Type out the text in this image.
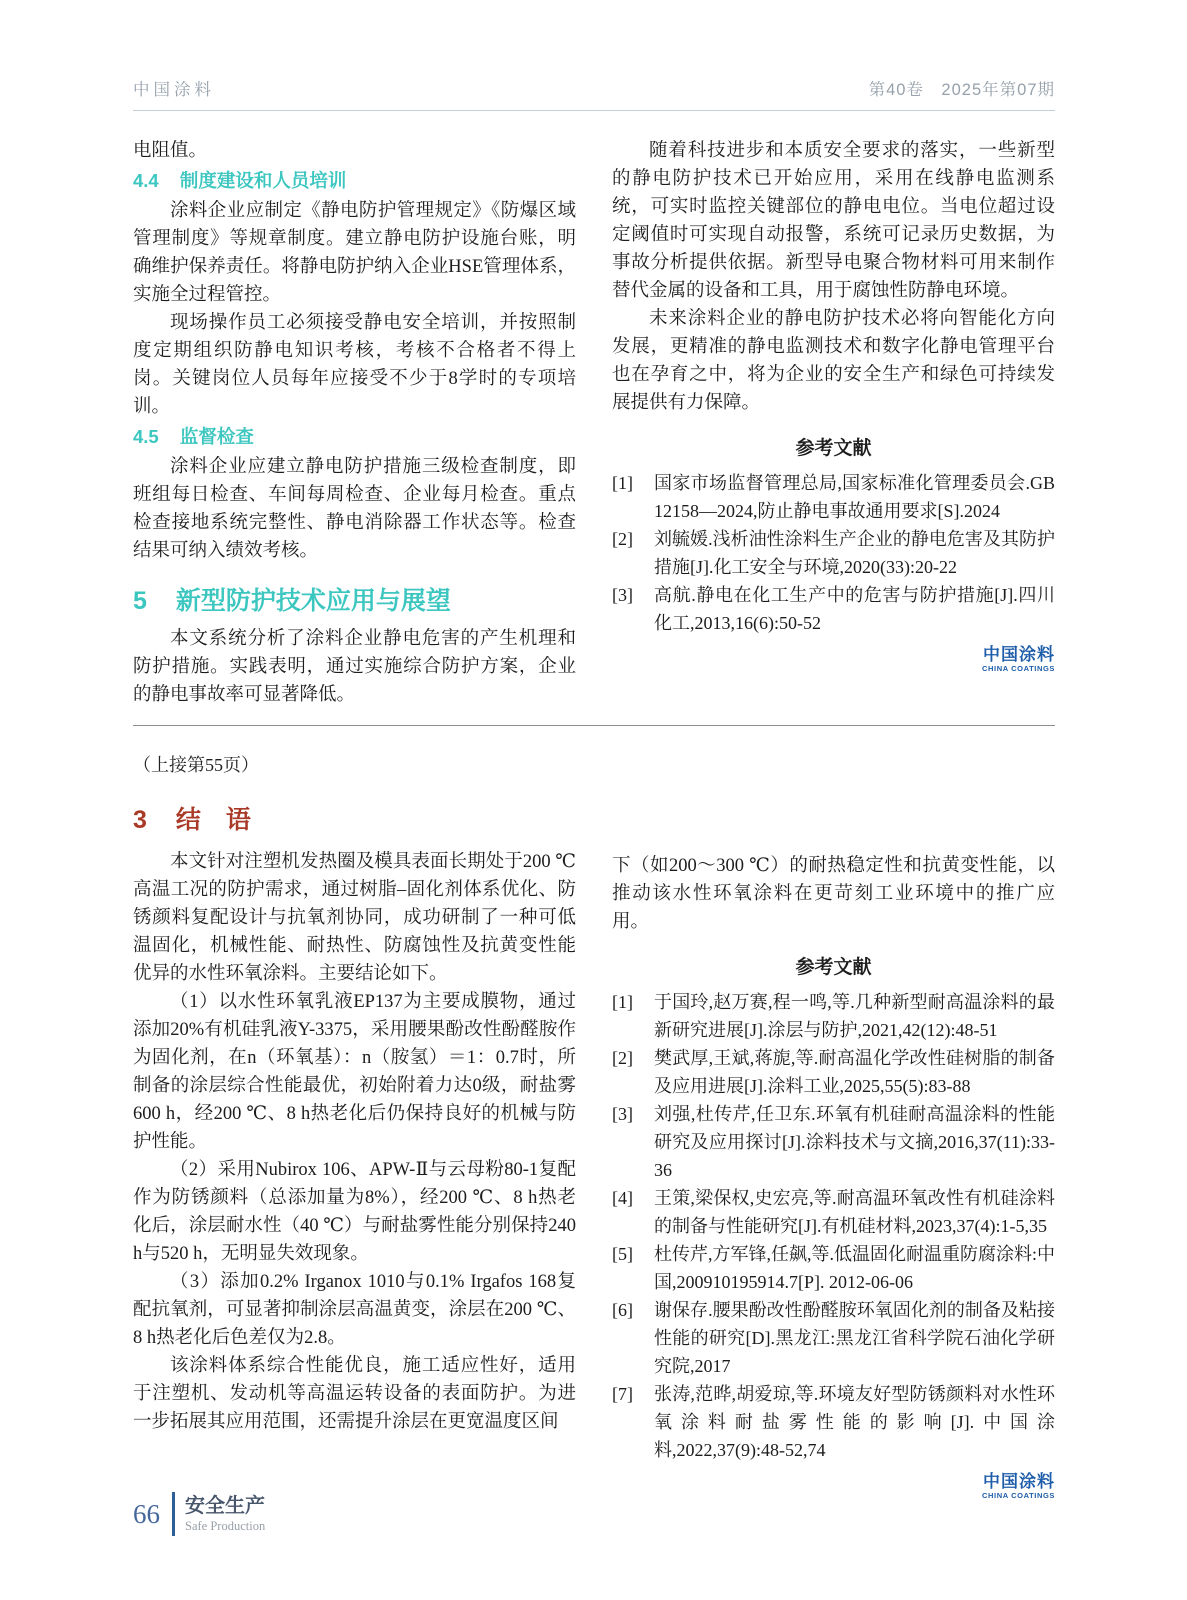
中国涂料	第40卷　2025年第07期

电阻值。

4.4 制度建设和人员培训

涂料企业应制定《静电防护管理规定》《防爆区域管理制度》等规章制度。建立静电防护设施台账，明确维护保养责任。将静电防护纳入企业HSE管理体系，实施全过程管控。

现场操作员工必须接受静电安全培训，并按照制度定期组织防静电知识考核，考核不合格者不得上岗。关键岗位人员每年应接受不少于8学时的专项培训。

4.5 监督检查

涂料企业应建立静电防护措施三级检查制度，即班组每日检查、车间每周检查、企业每月检查。重点检查接地系统完整性、静电消除器工作状态等。检查结果可纳入绩效考核。

5 新型防护技术应用与展望

本文系统分析了涂料企业静电危害的产生机理和防护措施。实践表明，通过实施综合防护方案，企业的静电事故率可显著降低。

随着科技进步和本质安全要求的落实，一些新型的静电防护技术已开始应用，采用在线静电监测系统，可实时监控关键部位的静电电位。当电位超过设定阈值时可实现自动报警，系统可记录历史数据，为事故分析提供依据。新型导电聚合物材料可用来制作替代金属的设备和工具，用于腐蚀性防静电环境。

未来涂料企业的静电防护技术必将向智能化方向发展，更精准的静电监测技术和数字化静电管理平台也在孕育之中，将为企业的安全生产和绿色可持续发展提供有力保障。

参考文献
[1]	国家市场监督管理总局,国家标准化管理委员会.GB 12158—2024,防止静电事故通用要求[S].2024
[2]	刘毓媛.浅析油性涂料生产企业的静电危害及其防护措施[J].化工安全与环境,2020(33):20-22
[3]	高航.静电在化工生产中的危害与防护措施[J].四川化工,2013,16(6):50-52
中国涂料
CHINA COATINGS

（上接第55页）

3 结　语

本文针对注塑机发热圈及模具表面长期处于200 ℃高温工况的防护需求，通过树脂–固化剂体系优化、防锈颜料复配设计与抗氧剂协同，成功研制了一种可低温固化，机械性能、耐热性、防腐蚀性及抗黄变性能优异的水性环氧涂料。主要结论如下。

（1）以水性环氧乳液EP137为主要成膜物，通过添加20%有机硅乳液Y-3375，采用腰果酚改性酚醛胺作为固化剂，在n（环氧基）：n（胺氢）＝1：0.7时，所制备的涂层综合性能最优，初始附着力达0级，耐盐雾600 h，经200 ℃、8 h热老化后仍保持良好的机械与防护性能。

（2）采用Nubirox 106、APW-Ⅱ与云母粉80-1复配作为防锈颜料（总添加量为8%），经200 ℃、8 h热老化后，涂层耐水性（40 ℃）与耐盐雾性能分别保持240 h与520 h，无明显失效现象。

（3）添加0.2% Irganox 1010与0.1% Irgafos 168复配抗氧剂，可显著抑制涂层高温黄变，涂层在200 ℃、8 h热老化后色差仅为2.8。

该涂料体系综合性能优良，施工适应性好，适用于注塑机、发动机等高温运转设备的表面防护。为进一步拓展其应用范围，还需提升涂层在更宽温度区间

下（如200～300 ℃）的耐热稳定性和抗黄变性能，以推动该水性环氧涂料在更苛刻工业环境中的推广应用。

参考文献
[1]	于国玲,赵万赛,程一鸣,等.几种新型耐高温涂料的最新研究进展[J].涂层与防护,2021,42(12):48-51
[2]	樊武厚,王斌,蒋旎,等.耐高温化学改性硅树脂的制备及应用进展[J].涂料工业,2025,55(5):83-88
[3]	刘强,杜传芹,任卫东.环氧有机硅耐高温涂料的性能研究及应用探讨[J].涂料技术与文摘,2016,37(11):33-36
[4]	王策,梁保权,史宏亮,等.耐高温环氧改性有机硅涂料的制备与性能研究[J].有机硅材料,2023,37(4):1-5,35
[5]	杜传芹,方军锋,任飙,等.低温固化耐温重防腐涂料:中国,200910195914.7[P]. 2012-06-06
[6]	谢保存.腰果酚改性酚醛胺环氧固化剂的制备及粘接性能的研究[D].黑龙江:黑龙江省科学院石油化学研究院,2017
[7]	张涛,范晔,胡爱琼,等.环境友好型防锈颜料对水性环氧涂料耐盐雾性能的影响[J].中国涂料,2022,37(9):48-52,74
中国涂料
CHINA COATINGS
66 安全生产
Safe Production
